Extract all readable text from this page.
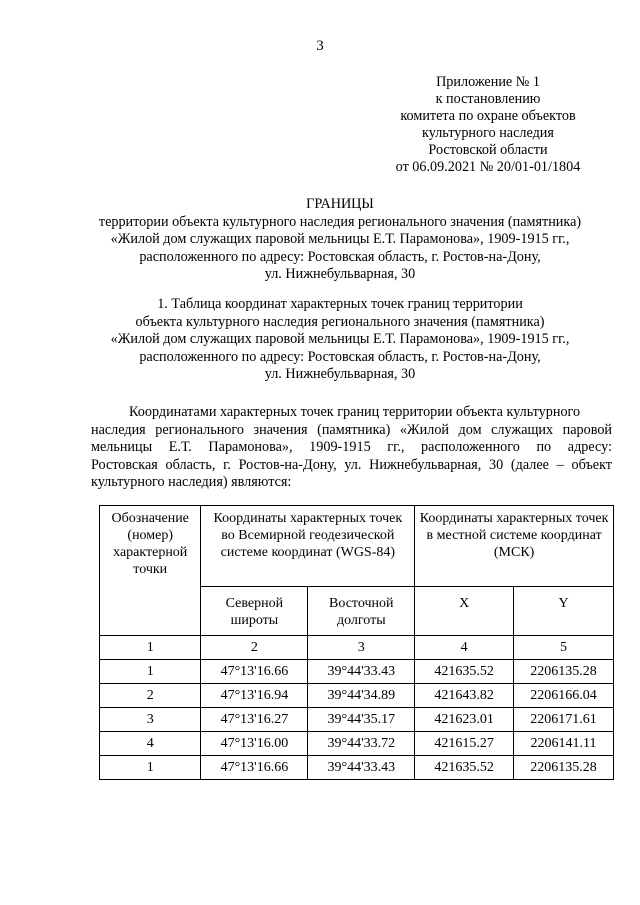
3
Приложение № 1
к постановлению
комитета по охране объектов
культурного наследия
Ростовской области
от 06.09.2021 № 20/01-01/1804
ГРАНИЦЫ
территории объекта культурного наследия регионального значения (памятника)
«Жилой дом служащих паровой мельницы Е.Т. Парамонова», 1909-1915 гг.,
расположенного по адресу: Ростовская область, г. Ростов-на-Дону,
ул. Нижнебульварная, 30
1. Таблица координат характерных точек границ территории
объекта культурного наследия регионального значения (памятника)
«Жилой дом служащих паровой мельницы Е.Т. Парамонова», 1909-1915 гг.,
расположенного по адресу: Ростовская область, г. Ростов-на-Дону,
ул. Нижнебульварная, 30
Координатами характерных точек границ территории объекта культурного
наследия регионального значения (памятника) «Жилой дом служащих паровой
мельницы Е.Т. Парамонова», 1909-1915 гг., расположенного по адресу:
Ростовская область, г. Ростов-на-Дону, ул. Нижнебульварная, 30 (далее – объект
культурного наследия) являются:
Обозначение (номер) характерной точки	Координаты характерных точек во Всемирной геодезической системе координат (WGS-84)		Координаты характерных точек в местной системе координат (МСК)	
	Северной широты	Восточной долготы	X	Y
1	2	3	4	5
1	47°13'16.66	39°44'33.43	421635.52	2206135.28
2	47°13'16.94	39°44'34.89	421643.82	2206166.04
3	47°13'16.27	39°44'35.17	421623.01	2206171.61
4	47°13'16.00	39°44'33.72	421615.27	2206141.11
1	47°13'16.66	39°44'33.43	421635.52	2206135.28
